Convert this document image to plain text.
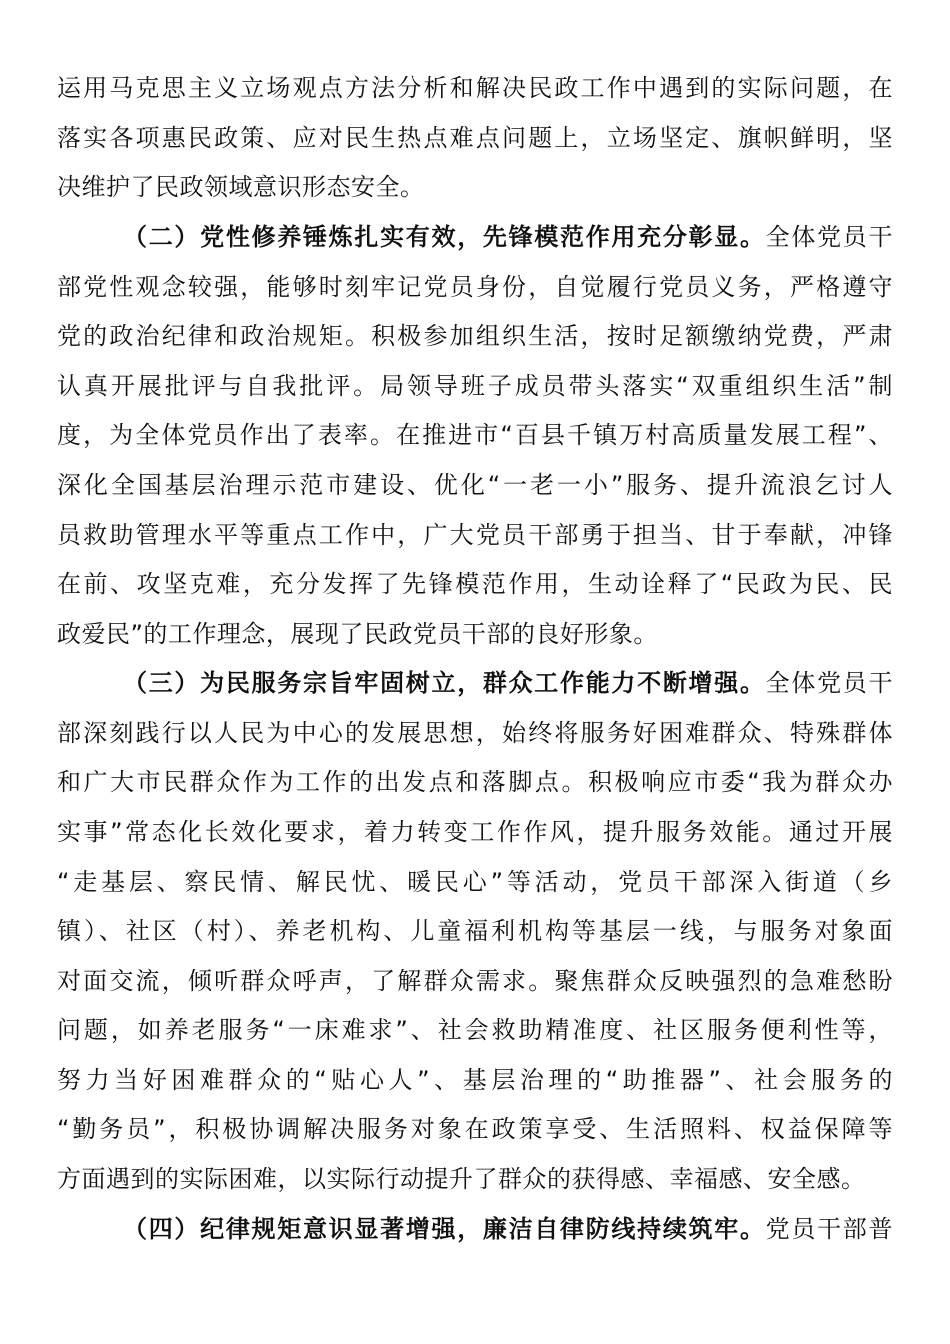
运用马克思主义立场观点方法分析和解决民政工作中遇到的实际问题，在

落实各项惠民政策、应对民生热点难点问题上，立场坚定、旗帜鲜明，坚

决维护了民政领域意识形态安全。

（二）党性修养锤炼扎实有效，先锋模范作用充分彰显。全体党员干

部党性观念较强，能够时刻牢记党员身份，自觉履行党员义务，严格遵守

党的政治纪律和政治规矩。积极参加组织生活，按时足额缴纳党费，严肃

认真开展批评与自我批评。局领导班子成员带头落实“双重组织生活”制

度，为全体党员作出了表率。在推进市“百县千镇万村高质量发展工程”、

深化全国基层治理示范市建设、优化“一老一小”服务、提升流浪乞讨人

员救助管理水平等重点工作中，广大党员干部勇于担当、甘于奉献，冲锋

在前、攻坚克难，充分发挥了先锋模范作用，生动诠释了“民政为民、民

政爱民”的工作理念，展现了民政党员干部的良好形象。

（三）为民服务宗旨牢固树立，群众工作能力不断增强。全体党员干

部深刻践行以人民为中心的发展思想，始终将服务好困难群众、特殊群体

和广大市民群众作为工作的出发点和落脚点。积极响应市委“我为群众办

实事”常态化长效化要求，着力转变工作作风，提升服务效能。通过开展

“走基层、察民情、解民忧、暖民心”等活动，党员干部深入街道（乡

镇）、社区（村）、养老机构、儿童福利机构等基层一线，与服务对象面

对面交流，倾听群众呼声，了解群众需求。聚焦群众反映强烈的急难愁盼

问题，如养老服务“一床难求”、社会救助精准度、社区服务便利性等，

努力当好困难群众的“贴心人”、基层治理的“助推器”、社会服务的

“勤务员”，积极协调解决服务对象在政策享受、生活照料、权益保障等

方面遇到的实际困难，以实际行动提升了群众的获得感、幸福感、安全感。

（四）纪律规矩意识显著增强，廉洁自律防线持续筑牢。党员干部普
